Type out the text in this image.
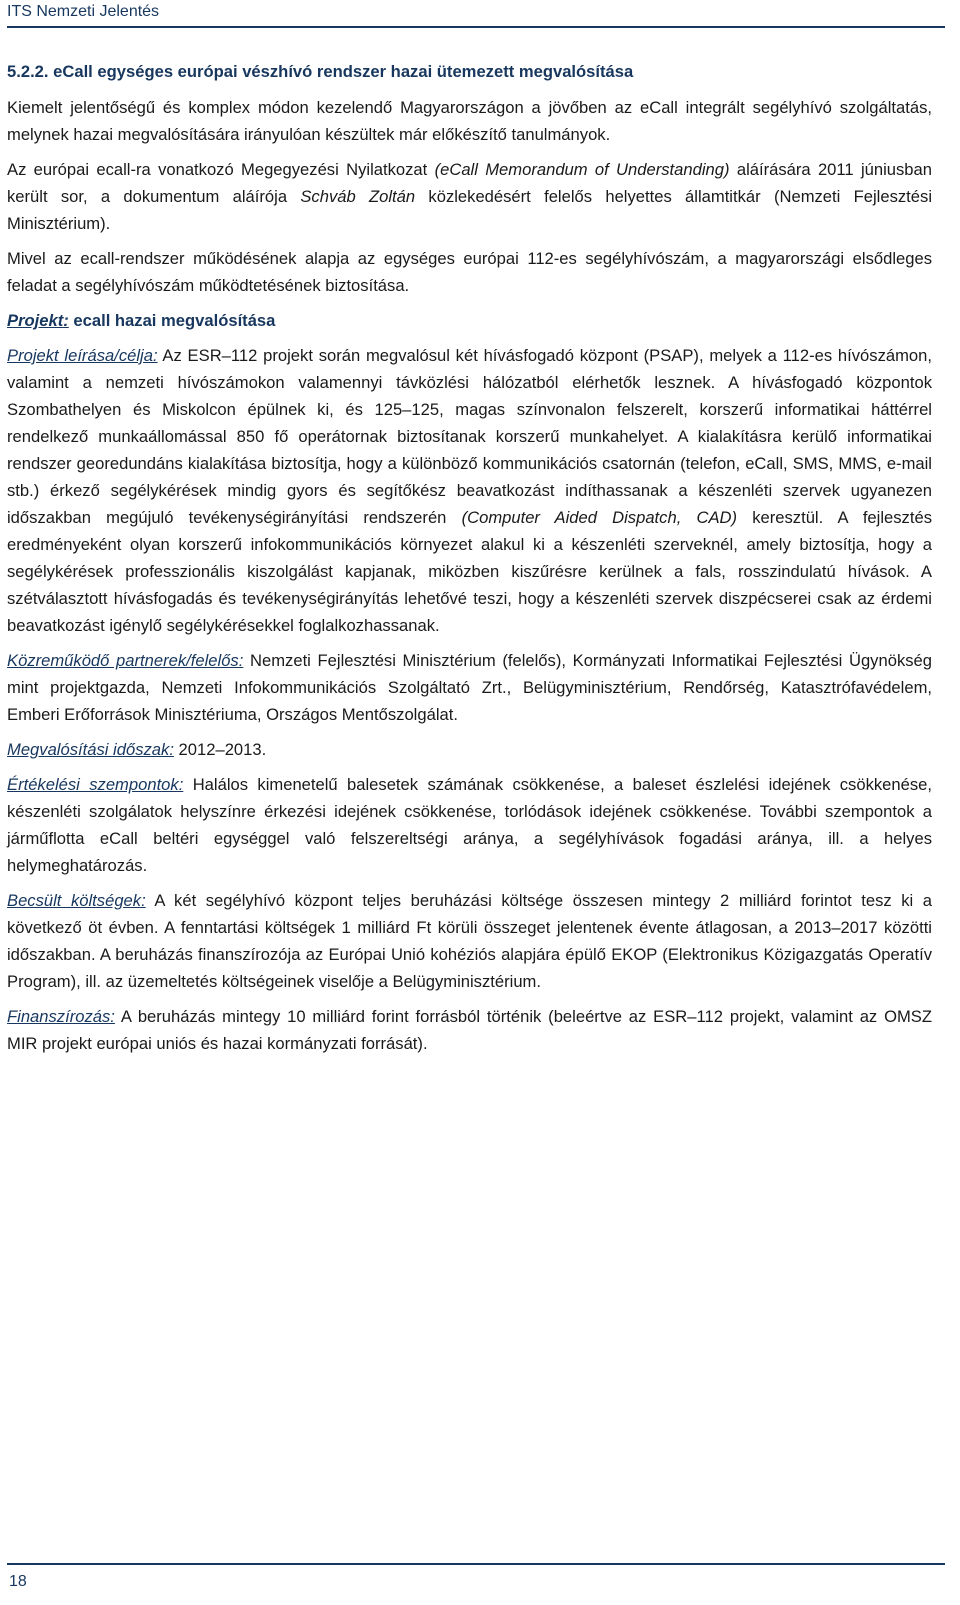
ITS Nemzeti Jelentés
5.2.2. eCall egységes európai vészhívó rendszer hazai ütemezett megvalósítása

Kiemelt jelentőségű és komplex módon kezelendő Magyarországon a jövőben az eCall integrált segélyhívó szolgáltatás, melynek hazai megvalósítására irányulóan készültek már előkészítő tanulmányok.

Az európai ecall-ra vonatkozó Megegyezési Nyilatkozat (eCall Memorandum of Understanding) aláírására 2011 júniusban került sor, a dokumentum aláírója Schváb Zoltán közlekedésért felelős helyettes államtitkár (Nemzeti Fejlesztési Minisztérium).

Mivel az ecall-rendszer működésének alapja az egységes európai 112-es segélyhívószám, a magyarországi elsődleges feladat a segélyhívószám működtetésének biztosítása.

Projekt: ecall hazai megvalósítása

Projekt leírása/célja: Az ESR–112 projekt során megvalósul két hívásfogadó központ (PSAP), melyek a 112-es hívószámon, valamint a nemzeti hívószámokon valamennyi távközlési hálózatból elérhetők lesznek. A hívásfogadó központok Szombathelyen és Miskolcon épülnek ki, és 125–125, magas színvonalon felszerelt, korszerű informatikai háttérrel rendelkező munkaállomással 850 fő operátornak biztosítanak korszerű munkahelyet. A kialakításra kerülő informatikai rendszer georedundáns kialakítása biztosítja, hogy a különböző kommunikációs csatornán (telefon, eCall, SMS, MMS, e-mail stb.) érkező segélykérések mindig gyors és segítőkész beavatkozást indíthassanak a készenléti szervek ugyanezen időszakban megújuló tevékenységirányítási rendszerén (Computer Aided Dispatch, CAD) keresztül. A fejlesztés eredményeként olyan korszerű infokommunikációs környezet alakul ki a készenléti szerveknél, amely biztosítja, hogy a segélykérések professzionális kiszolgálást kapjanak, miközben kiszűrésre kerülnek a fals, rosszindulatú hívások. A szétválasztott hívásfogadás és tevékenységirányítás lehetővé teszi, hogy a készenléti szervek diszpécserei csak az érdemi beavatkozást igénylő segélykérésekkel foglalkozhassanak.

Közreműködő partnerek/felelős: Nemzeti Fejlesztési Minisztérium (felelős), Kormányzati Informatikai Fejlesztési Ügynökség mint projektgazda, Nemzeti Infokommunikációs Szolgáltató Zrt., Belügyminisztérium, Rendőrség, Katasztrófavédelem, Emberi Erőforrások Minisztériuma, Országos Mentőszolgálat.

Megvalósítási időszak: 2012–2013.

Értékelési szempontok: Halálos kimenetelű balesetek számának csökkenése, a baleset észlelési idejének csökkenése, készenléti szolgálatok helyszínre érkezési idejének csökkenése, torlódások idejének csökkenése. További szempontok a járműflotta eCall beltéri egységgel való felszereltségi aránya, a segélyhívások fogadási aránya, ill. a helyes helymeghatározás.

Becsült költségek: A két segélyhívó központ teljes beruházási költsége összesen mintegy 2 milliárd forintot tesz ki a következő öt évben. A fenntartási költségek 1 milliárd Ft körüli összeget jelentenek évente átlagosan, a 2013–2017 közötti időszakban. A beruházás finanszírozója az Európai Unió kohéziós alapjára épülő EKOP (Elektronikus Közigazgatás Operatív Program), ill. az üzemeltetés költségeinek viselője a Belügyminisztérium.

Finanszírozás: A beruházás mintegy 10 milliárd forint forrásból történik (beleértve az ESR–112 projekt, valamint az OMSZ MIR projekt európai uniós és hazai kormányzati forrását).

18
